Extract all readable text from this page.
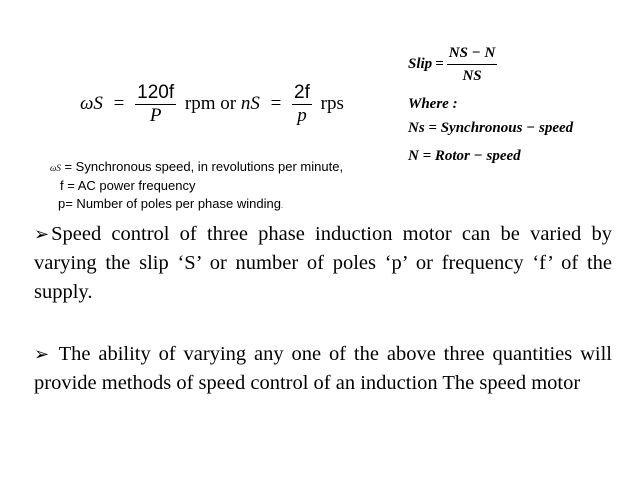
$\omega S = \frac{120f}{P}$ rpm or nS = $\frac{2f}{p}$ rps
Slip = $\frac{NS - N}{NS}$
Where :
Ns = Synchronous − speed
N = Rotor − speed
ωS = Synchronous speed, in revolutions per minute,
f = AC power frequency
p= Number of poles per phase winding.
➢Speed control of three phase induction motor can be varied by varying the slip ‘S’ or number of poles ‘p’ or frequency ‘f’ of the supply.
➢ The ability of varying any one of the above three quantities will provide methods of speed control of an induction The speed motor
